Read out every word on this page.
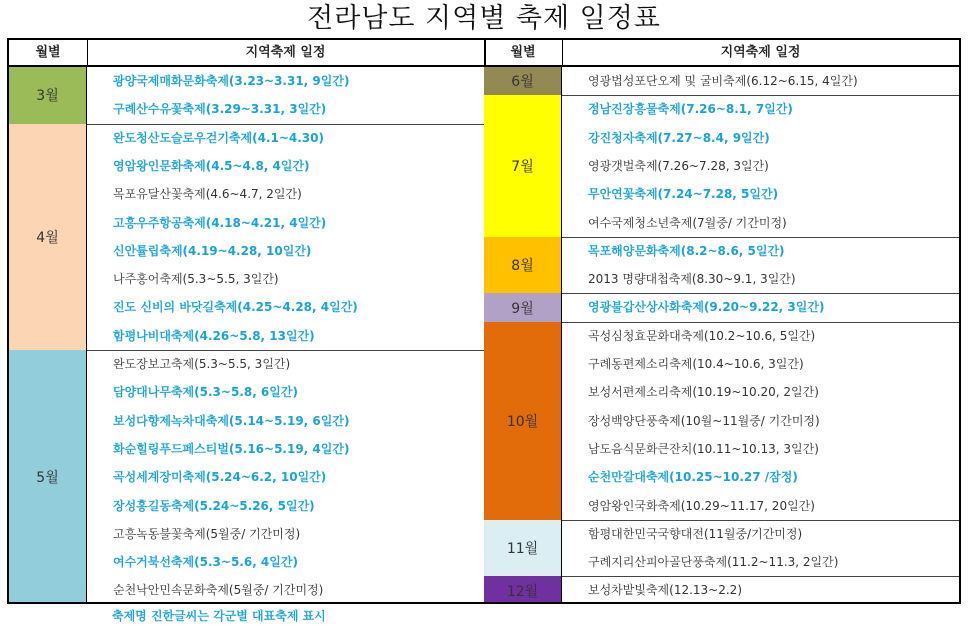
전라남도 지역별 축제 일정표
월별	지역축제 일정
3월
4월
5월
광양국제매화문화축제(3.23~3.31, 9일간)
구례산수유꽃축제(3.29~3.31, 3일간)
완도청산도슬로우걷기축제(4.1~4.30)
영암왕인문화축제(4.5~4.8, 4일간)
목포유달산꽃축제(4.6~4.7, 2일간)
고흥우주항공축제(4.18~4.21, 4일간)
신안튤립축제(4.19~4.28, 10일간)
나주홍어축제(5.3~5.5, 3일간)
진도 신비의 바닷길축제(4.25~4.28, 4일간)
함평나비대축제(4.26~5.8, 13일간)
완도장보고축제(5.3~5.5, 3일간)
담양대나무축제(5.3~5.8, 6일간)
보성다향제녹차대축제(5.14~5.19, 6일간)
화순힐링푸드페스티벌(5.16~5.19, 4일간)
곡성세계장미축제(5.24~6.2, 10일간)
장성홍길동축제(5.24~5.26, 5일간)
고흥녹동불꽃축제(5월중/ 기간미정)
여수거북선축제(5.3~5.6, 4일간)
순천낙안민속문화축제(5월중/ 기간미정)
월별	지역축제 일정
6월
7월
8월
9월
10월
11월
12월
영광법성포단오제 및 굴비축제(6.12~6.15, 4일간)
정남진장흥물축제(7.26~8.1, 7일간)
강진청자축제(7.27~8.4, 9일간)
영광갯벌축제(7.26~7.28, 3일간)
무안연꽃축제(7.24~7.28, 5일간)
여수국제청소년축제(7월중/ 기간미정)
목포해양문화축제(8.2~8.6, 5일간)
2013 명량대첩축제(8.30~9.1, 3일간)
영광불갑산상사화축제(9.20~9.22, 3일간)
곡성심청효문화대축제(10.2~10.6, 5일간)
구례동편제소리축제(10.4~10.6, 3일간)
보성서편제소리축제(10.19~10.20, 2일간)
장성백양단풍축제(10월~11월중/ 기간미정)
남도음식문화큰잔치(10.11~10.13, 3일간)
순천만갈대축제(10.25~10.27 /잠정)
영암왕인국화축제(10.29~11.17, 20일간)
함평대한민국국향대전(11월중/기간미정)
구례지리산피아골단풍축제(11.2~11.3, 2일간)
보성차밭빛축제(12.13~2.2)
축제명 진한글씨는 각군별 대표축제 표시
